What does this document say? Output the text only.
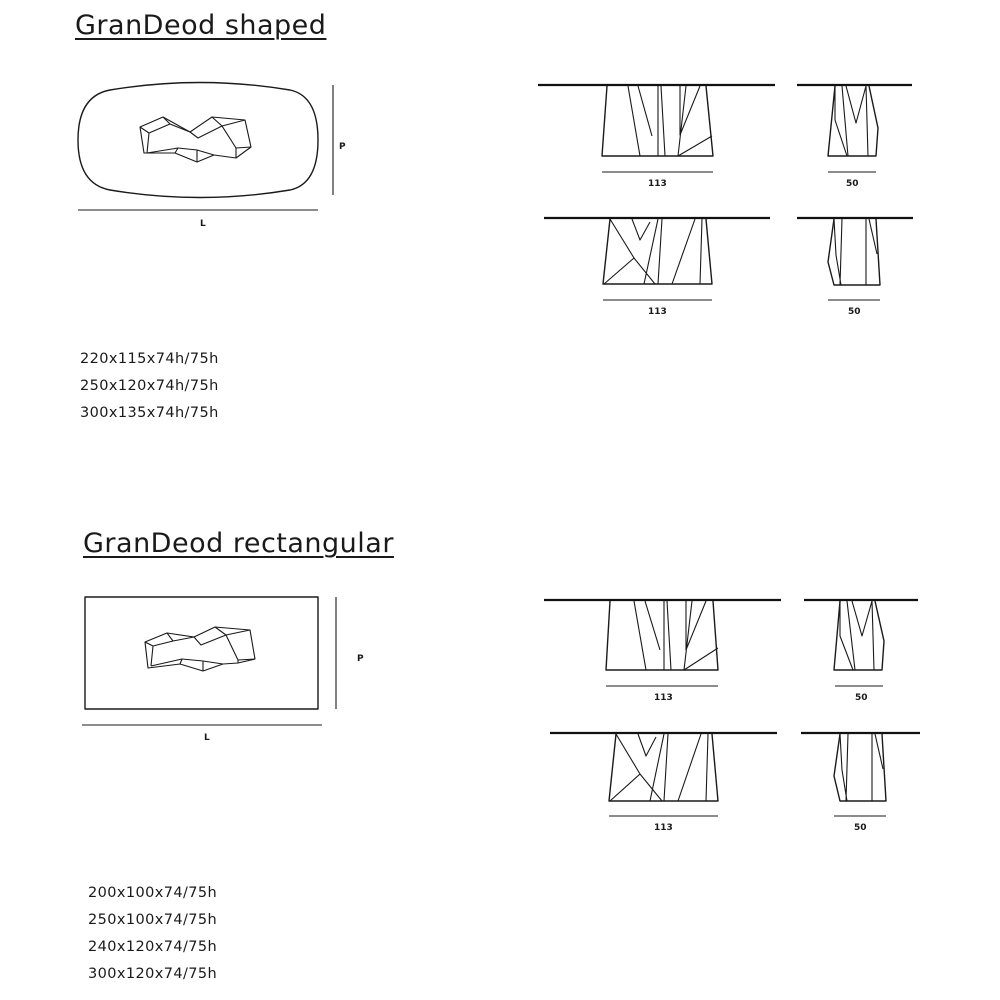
GranDeod shaped
GranDeod rectangular
220x115x74h/75h
250x120x74h/75h
300x135x74h/75h
200x100x74/75h
250x100x74/75h
240x120x74/75h
300x120x74/75h
P
L
113	50
113	50
P
L
113	50
113	50
